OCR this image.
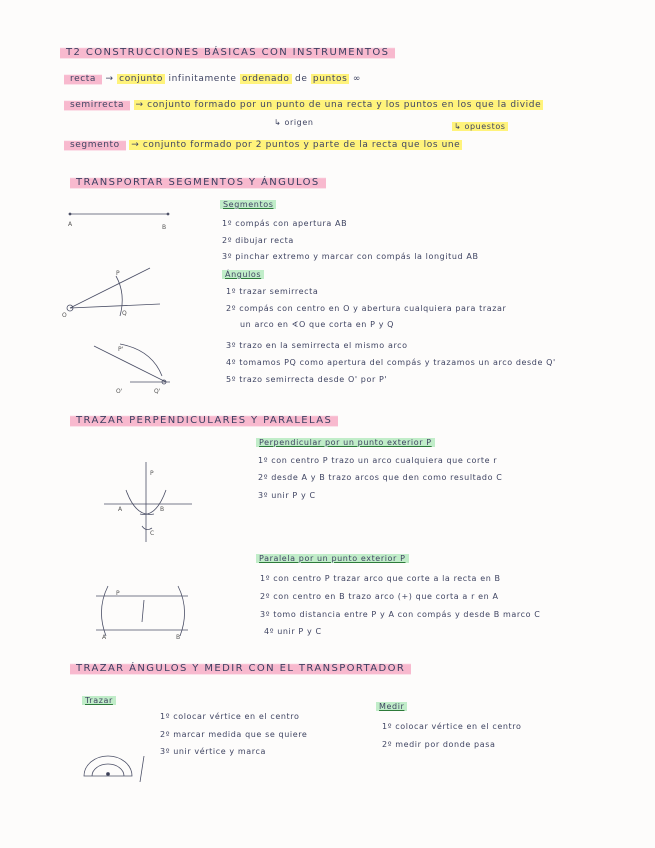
T2 CONSTRUCCIONES BÁSICAS CON INSTRUMENTOS
recta → conjunto infinitamente ordenado de puntos ∞
semirrecta → conjunto formado por un punto de una recta y los puntos en los que la divide
↳ origen	↳ opuestos
segmento → conjunto formado por 2 puntos y parte de la recta que los une
TRANSPORTAR SEGMENTOS Y ÁNGULOS
A	B
Segmentos
1º compás con apertura AB
2º dibujar recta
3º pinchar extremo y marcar con compás la longitud AB
Ángulos
1º trazar semirrecta
2º compás con centro en O y abertura cualquiera para trazar
un arco en ∢O que corta en P y Q
3º trazo en la semirrecta el mismo arco
4º tomamos PQ como apertura del compás y trazamos un arco desde Q'
5º trazo semirrecta desde O' por P'
O
P
Q
P'
O'	Q'
TRAZAR PERPENDICULARES Y PARALELAS
Perpendicular por un punto exterior P
1º con centro P trazo un arco cualquiera que corte r
2º desde A y B trazo arcos que den como resultado C
3º unir P y C
P
A	B
C
Paralela por un punto exterior P
1º con centro P trazar arco que corte a la recta en B
2º con centro en B trazo arco (+) que corta a r en A
3º tomo distancia entre P y A con compás y desde B marco C
4º unir P y C
P
A	B
TRAZAR ÁNGULOS Y MEDIR CON EL TRANSPORTADOR
Trazar
1º colocar vértice en el centro
2º marcar medida que se quiere
3º unir vértice y marca
Medir
1º colocar vértice en el centro
2º medir por donde pasa
